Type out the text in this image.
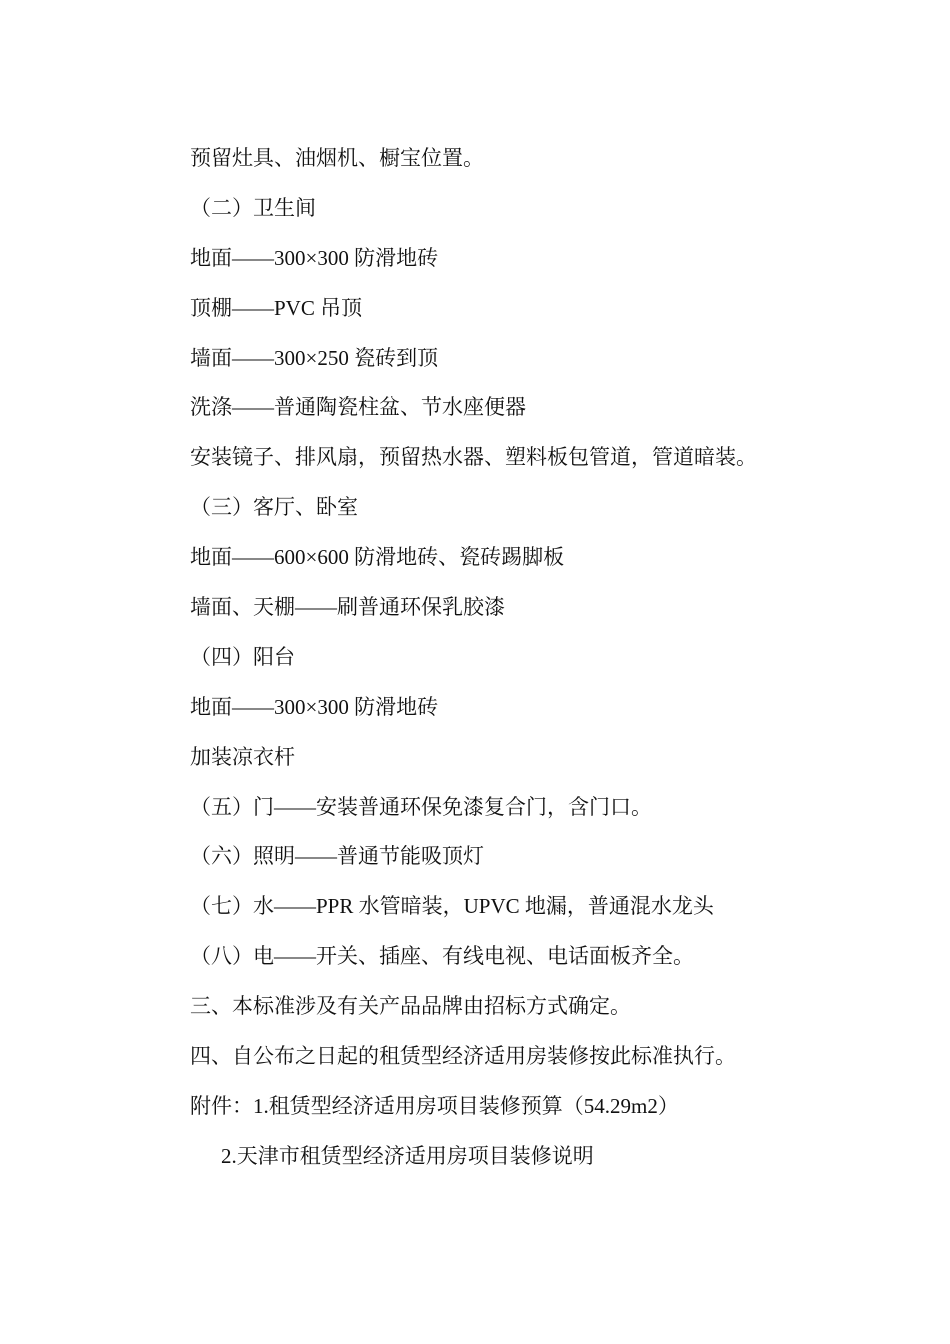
预留灶具、油烟机、橱宝位置。
（二）卫生间
地面——300×300 防滑地砖
顶棚——PVC 吊顶
墙面——300×250 瓷砖到顶
洗涤——普通陶瓷柱盆、节水座便器
安装镜子、排风扇，预留热水器、塑料板包管道，管道暗装。
（三）客厅、卧室
地面——600×600 防滑地砖、瓷砖踢脚板
墙面、天棚——刷普通环保乳胶漆
（四）阳台
地面——300×300 防滑地砖
加装凉衣杆
（五）门——安装普通环保免漆复合门，含门口。
（六）照明——普通节能吸顶灯
（七）水——PPR 水管暗装，UPVC 地漏，普通混水龙头
（八）电——开关、插座、有线电视、电话面板齐全。
三、本标准涉及有关产品品牌由招标方式确定。
四、自公布之日起的租赁型经济适用房装修按此标准执行。
附件：1.租赁型经济适用房项目装修预算（54.29m2）
2.天津市租赁型经济适用房项目装修说明
